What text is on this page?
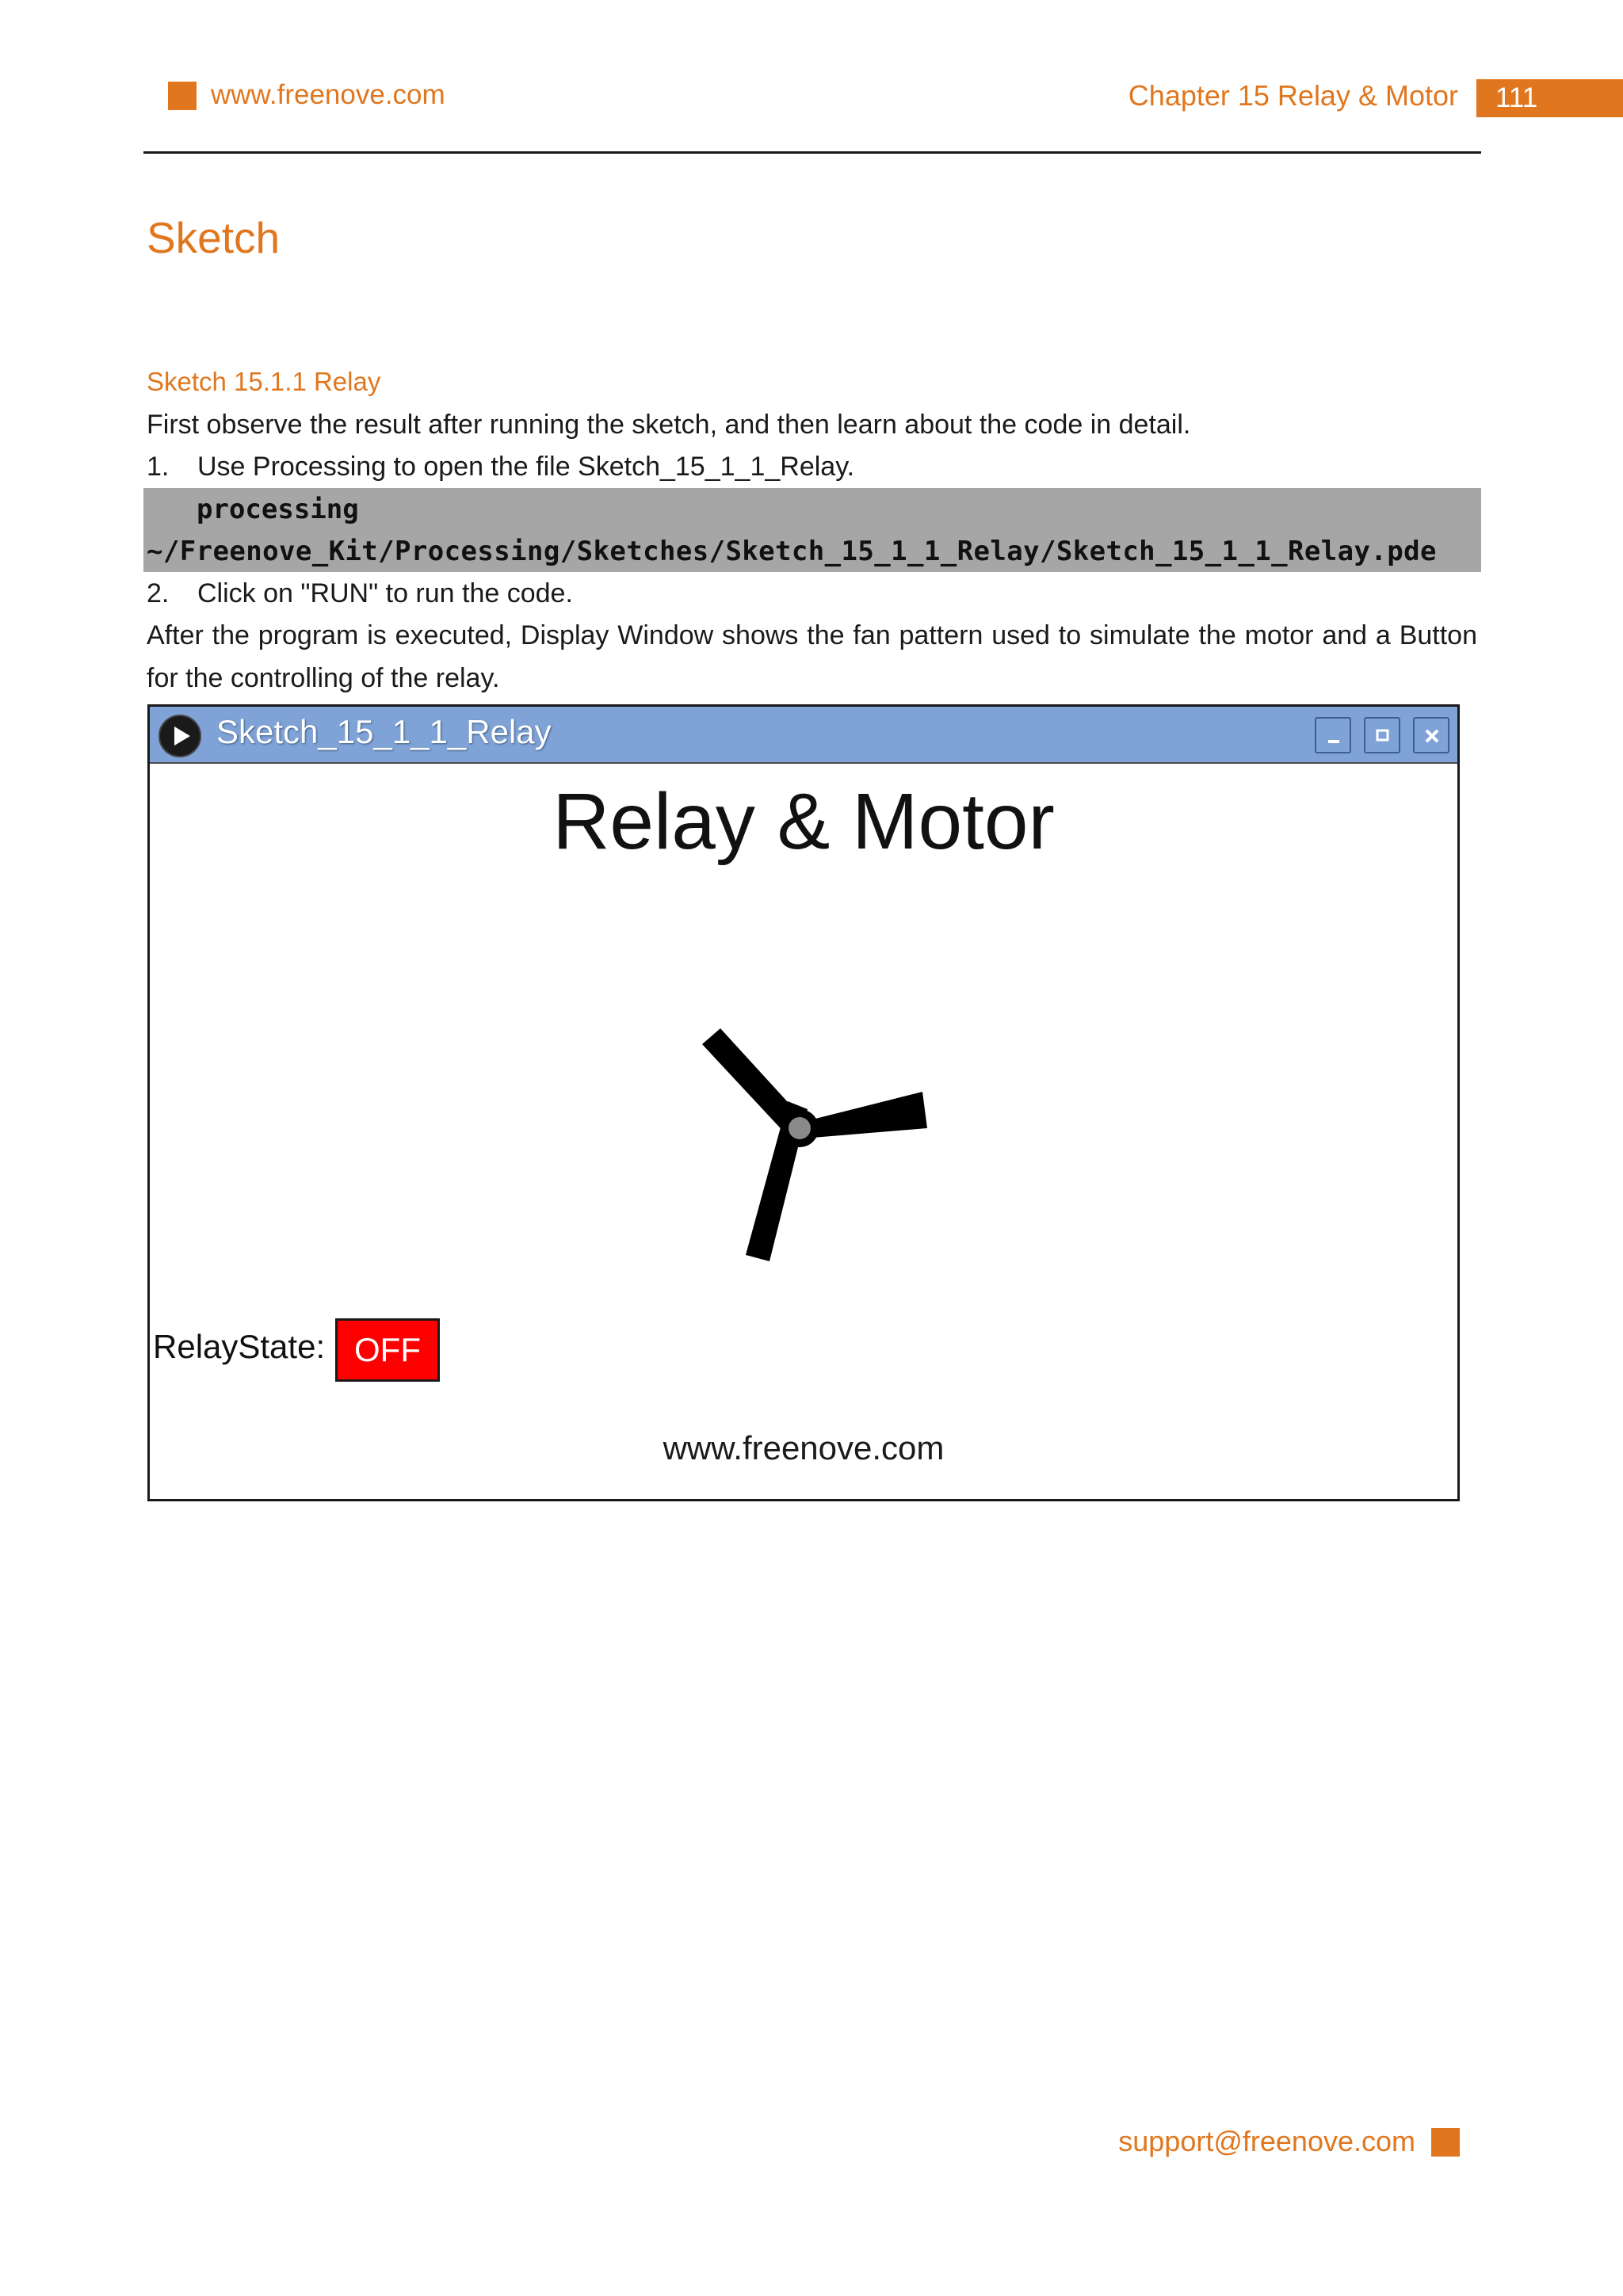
www.freenove.com	Chapter 15 Relay & Motor	111
Sketch
Sketch 15.1.1 Relay
First observe the result after running the sketch, and then learn about the code in detail.
1. Use Processing to open the file Sketch_15_1_1_Relay.
processing
~/Freenove_Kit/Processing/Sketches/Sketch_15_1_1_Relay/Sketch_15_1_1_Relay.pde
2. Click on "RUN" to run the code.
After the program is executed, Display Window shows the fan pattern used to simulate the motor and a Button for the controlling of the relay.
Sketch_15_1_1_Relay
Relay & Motor
RelayState: OFF
www.freenove.com
support@freenove.com
